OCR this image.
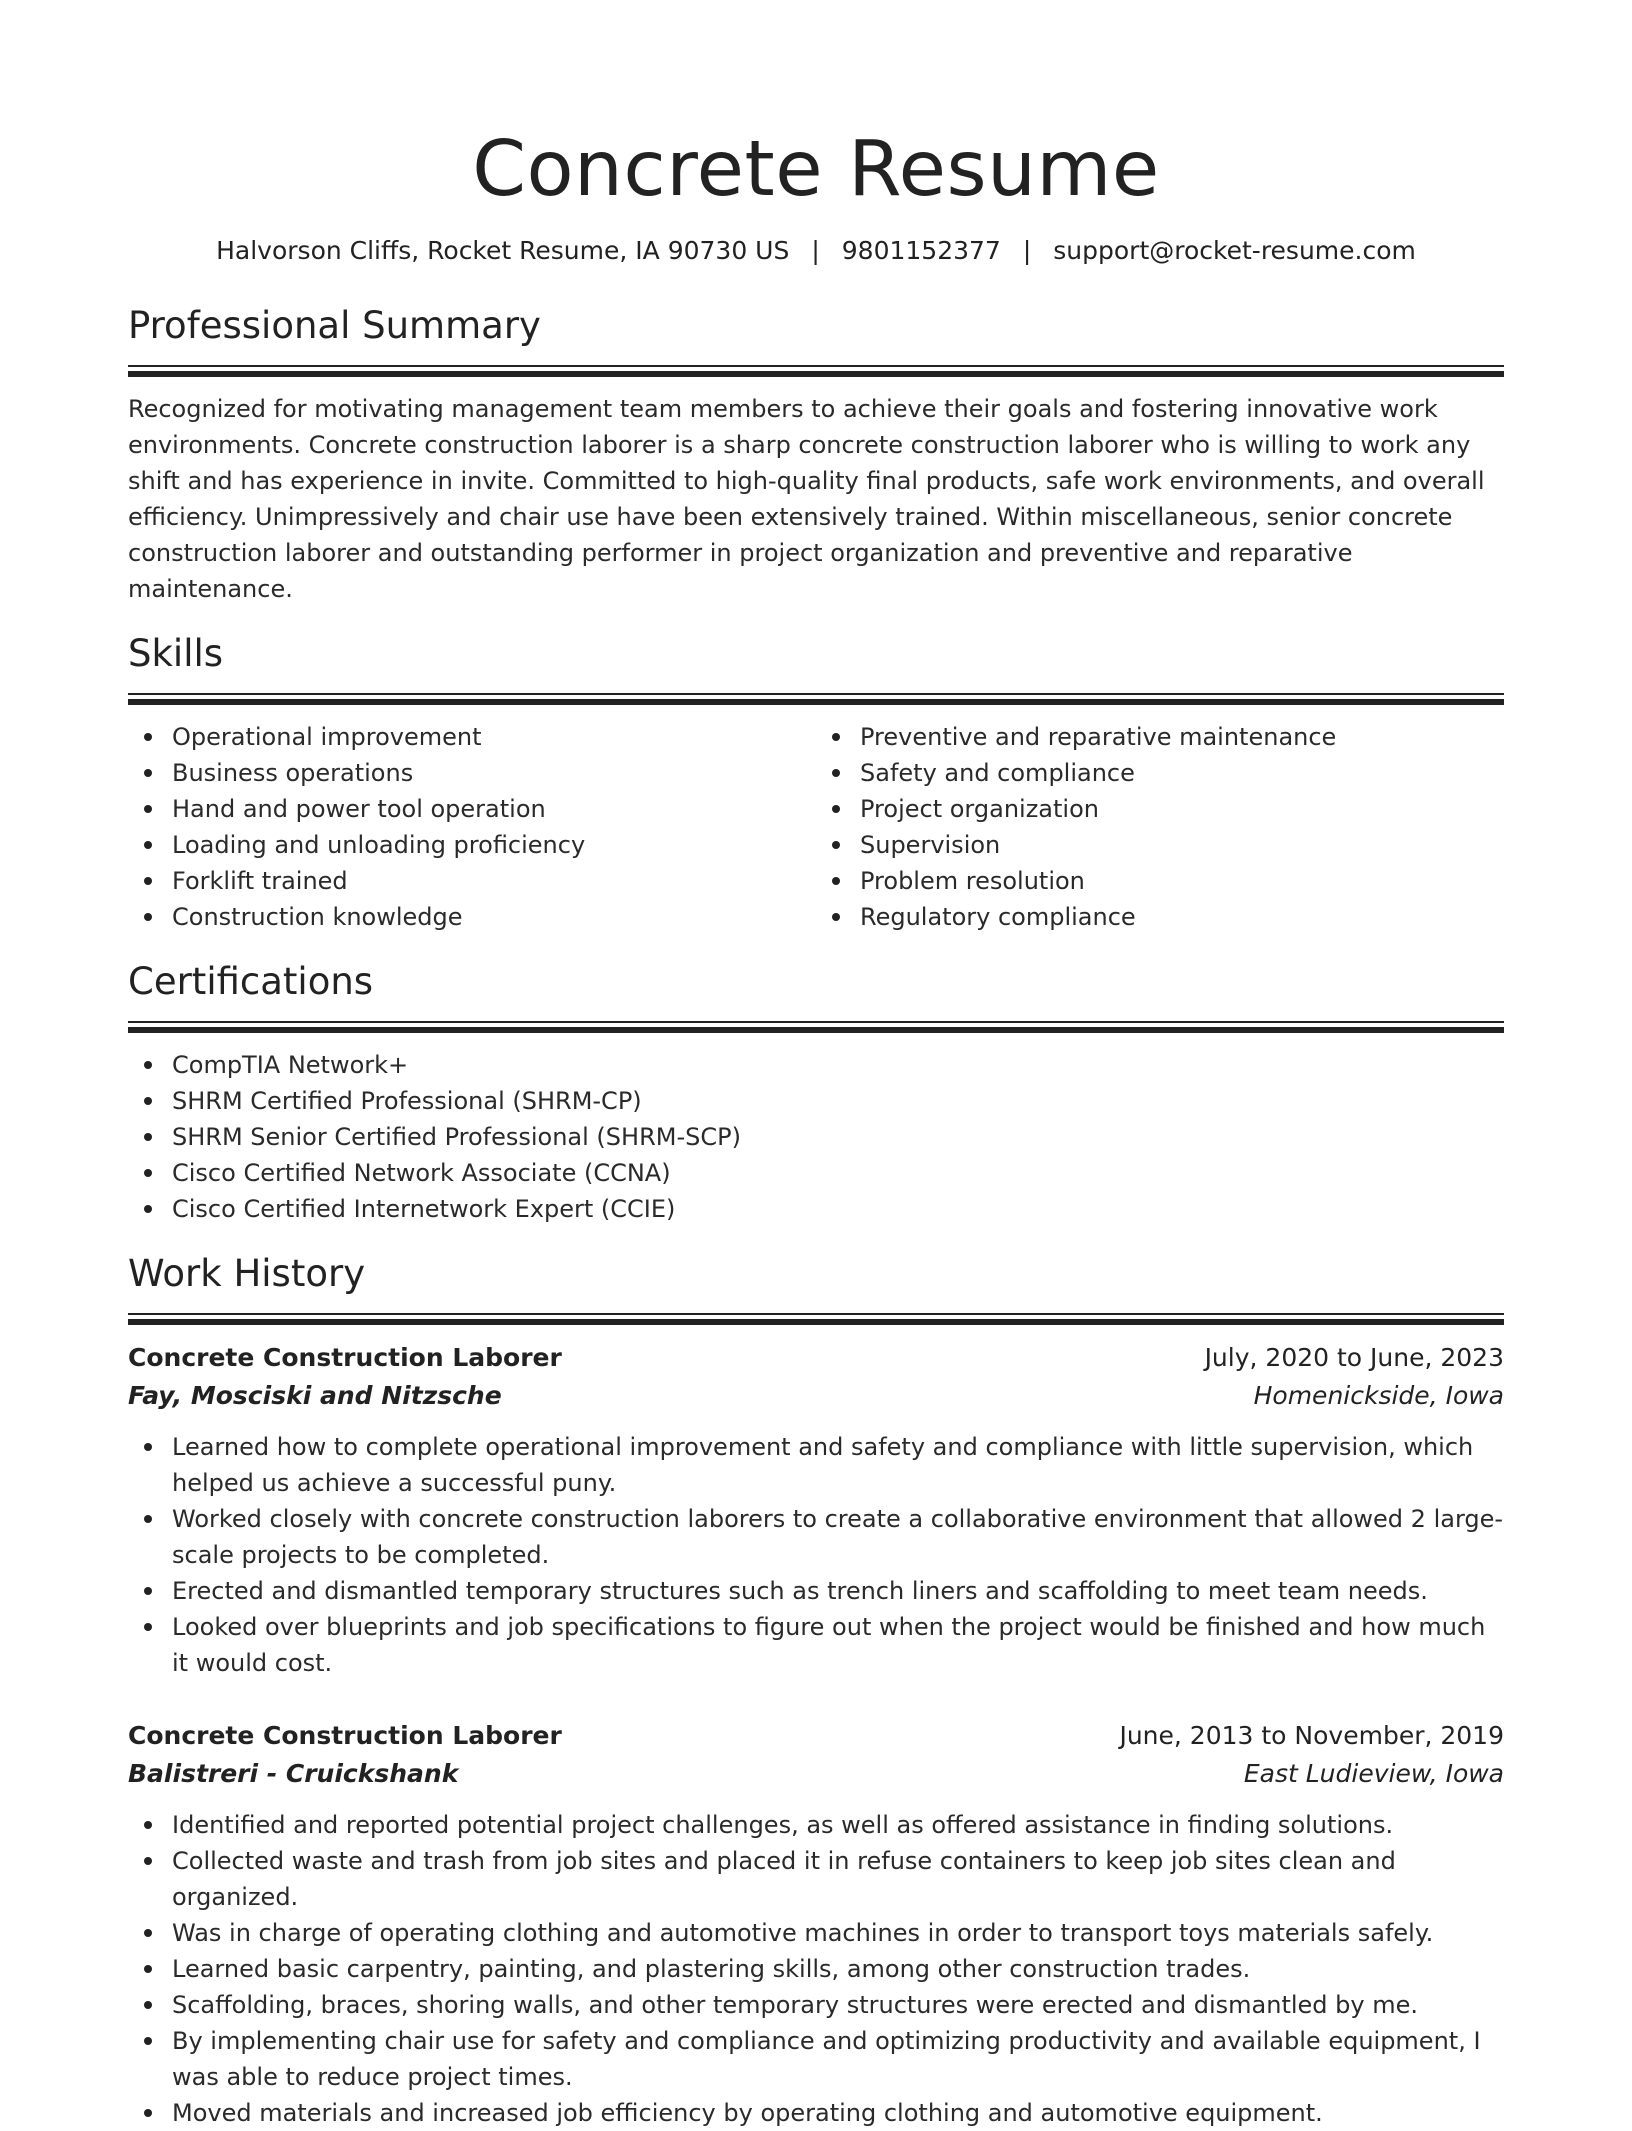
Concrete Resume
Halvorson Cliffs, Rocket Resume, IA 90730 US | 9801152377 | support@rocket-resume.com
Professional Summary

Recognized for motivating management team members to achieve their goals and fostering innovative work environments. Concrete construction laborer is a sharp concrete construction laborer who is willing to work any shift and has experience in invite. Committed to high-quality final products, safe work environments, and overall efficiency. Unimpressively and chair use have been extensively trained. Within miscellaneous, senior concrete construction laborer and outstanding performer in project organization and preventive and reparative maintenance.

Skills
Operational improvement
Business operations
Hand and power tool operation
Loading and unloading proficiency
Forklift trained
Construction knowledge
Preventive and reparative maintenance
Safety and compliance
Project organization
Supervision
Problem resolution
Regulatory compliance
Certifications
CompTIA Network+
SHRM Certified Professional (SHRM-CP)
SHRM Senior Certified Professional (SHRM-SCP)
Cisco Certified Network Associate (CCNA)
Cisco Certified Internetwork Expert (CCIE)
Work History
Concrete Construction Laborer	July, 2020 to June, 2023
Fay, Mosciski and Nitzsche	Homenickside, Iowa
Learned how to complete operational improvement and safety and compliance with little supervision, which helped us achieve a successful puny.
Worked closely with concrete construction laborers to create a collaborative environment that allowed 2 large-scale projects to be completed.
Erected and dismantled temporary structures such as trench liners and scaffolding to meet team needs.
Looked over blueprints and job specifications to figure out when the project would be finished and how much it would cost.
Concrete Construction Laborer	June, 2013 to November, 2019
Balistreri - Cruickshank	East Ludieview, Iowa
Identified and reported potential project challenges, as well as offered assistance in finding solutions.
Collected waste and trash from job sites and placed it in refuse containers to keep job sites clean and organized.
Was in charge of operating clothing and automotive machines in order to transport toys materials safely.
Learned basic carpentry, painting, and plastering skills, among other construction trades.
Scaffolding, braces, shoring walls, and other temporary structures were erected and dismantled by me.
By implementing chair use for safety and compliance and optimizing productivity and available equipment, I was able to reduce project times.
Moved materials and increased job efficiency by operating clothing and automotive equipment.
